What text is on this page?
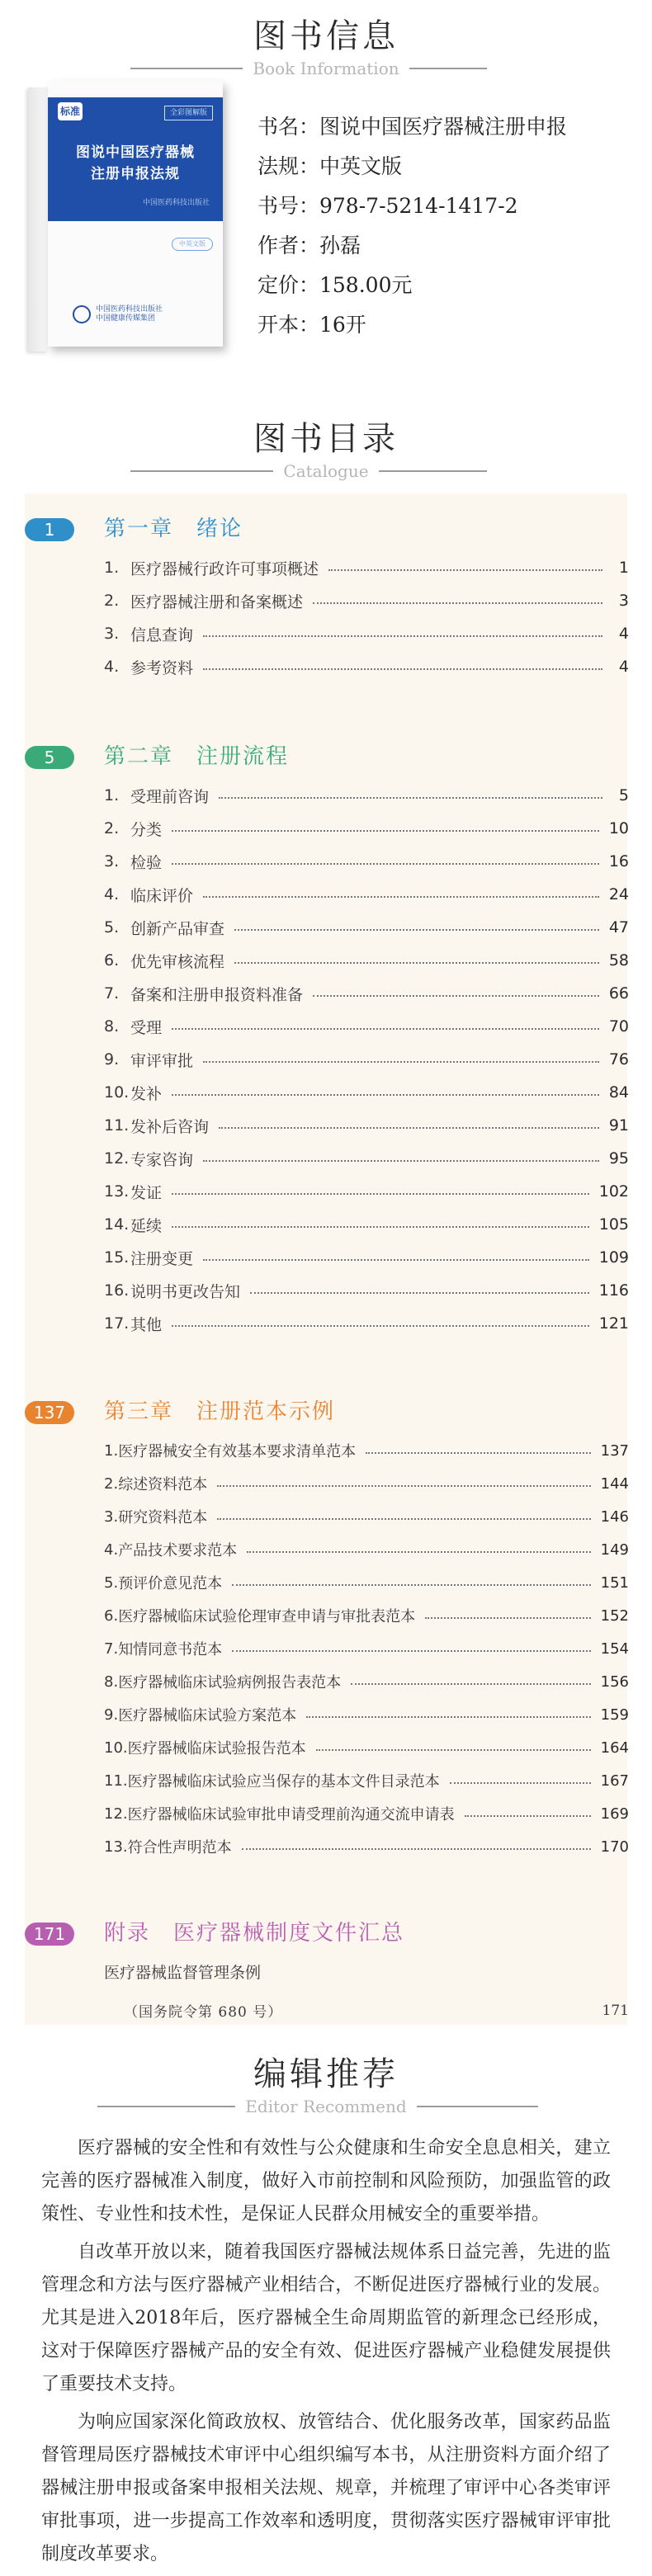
图书信息
Book Information
标准	全彩图解版
图说中国医疗器械
注册申报法规
中国医药科技出版社
中英文版
中国医药科技出版社
中国健康传媒集团
书名：图说中国医疗器械注册申报
法规：中英文版
书号：978-7-5214-1417-2
作者：孙磊
定价：158.00元
开本：16开
图书目录
Catalogue
1	第一章　绪论
1. 医疗器械行政许可事项概述	1
2. 医疗器械注册和备案概述	3
3. 信息查询	4
4. 参考资料	4
5	第二章　注册流程
1. 受理前咨询	5
2. 分类	10
3. 检验	16
4. 临床评价	24
5. 创新产品审查	47
6. 优先审核流程	58
7. 备案和注册申报资料准备	66
8. 受理	70
9. 审评审批	76
10. 发补	84
11. 发补后咨询	91
12. 专家咨询	95
13. 发证	102
14. 延续	105
15. 注册变更	109
16. 说明书更改告知	116
17. 其他	121
137	第三章　注册范本示例
1. 医疗器械安全有效基本要求清单范本	137
2. 综述资料范本	144
3. 研究资料范本	146
4. 产品技术要求范本	149
5. 预评价意见范本	151
6. 医疗器械临床试验伦理审查申请与审批表范本	152
7. 知情同意书范本	154
8. 医疗器械临床试验病例报告表范本	156
9. 医疗器械临床试验方案范本	159
10. 医疗器械临床试验报告范本	164
11. 医疗器械临床试验应当保存的基本文件目录范本	167
12. 医疗器械临床试验审批申请受理前沟通交流申请表	169
13. 符合性声明范本	170
171	附录　医疗器械制度文件汇总
医疗器械监督管理条例
（国务院令第 680 号）	171
编辑推荐
Editor Recommend

医疗器械的安全性和有效性与公众健康和生命安全息息相关，建立完善的医疗器械准入制度，做好入市前控制和风险预防，加强监管的政策性、专业性和技术性，是保证人民群众用械安全的重要举措。

自改革开放以来，随着我国医疗器械法规体系日益完善，先进的监管理念和方法与医疗器械产业相结合，不断促进医疗器械行业的发展。尤其是进入2018年后，医疗器械全生命周期监管的新理念已经形成，这对于保障医疗器械产品的安全有效、促进医疗器械产业稳健发展提供了重要技术支持。

为响应国家深化简政放权、放管结合、优化服务改革，国家药品监督管理局医疗器械技术审评中心组织编写本书，从注册资料方面介绍了器械注册申报或备案申报相关法规、规章，并梳理了审评中心各类审评审批事项，进一步提高工作效率和透明度，贯彻落实医疗器械审评审批制度改革要求。
